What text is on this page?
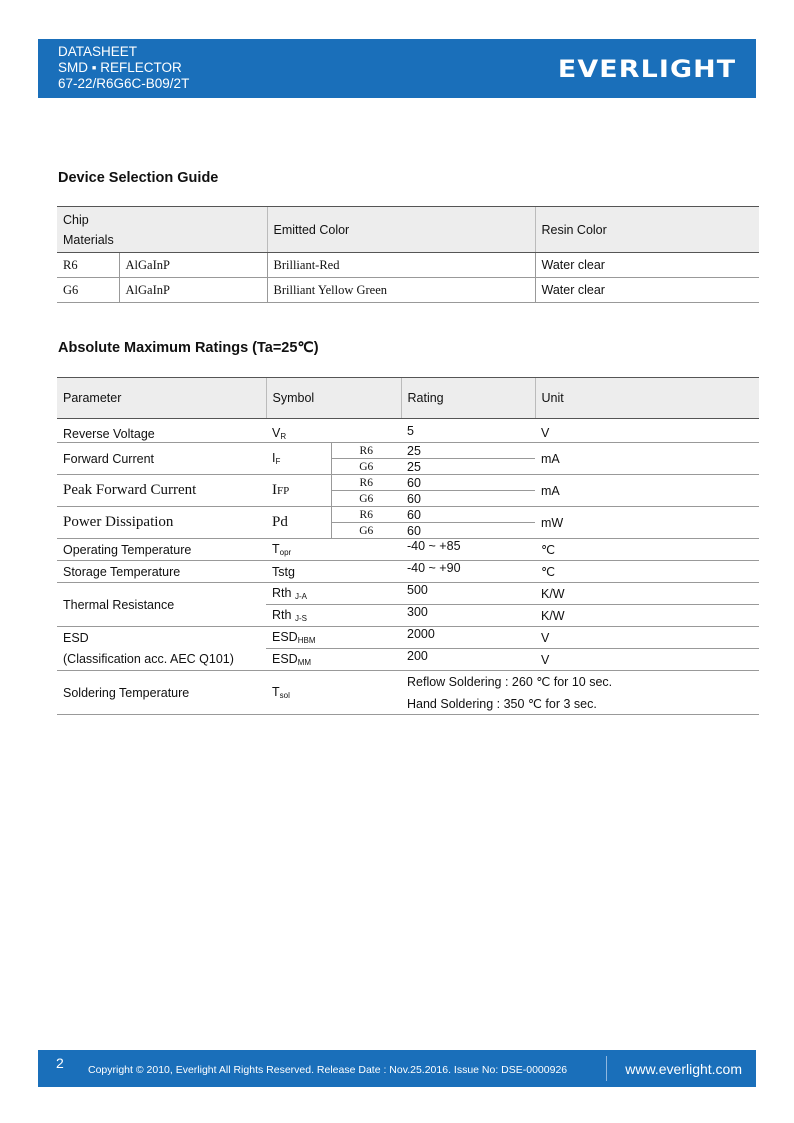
DATASHEET
SMD ▪ REFLECTOR
67-22/R6G6C-B09/2T
EVERLIGHT
Device Selection Guide
Chip
Materials		Emitted Color	Resin Color
R6	AlGaInP	Brilliant-Red	Water clear
G6	AlGaInP	Brilliant Yellow Green	Water clear
Absolute Maximum Ratings (Ta=25℃)
Parameter	Symbol		Rating	Unit
Reverse Voltage	$V_R$		5	V
Forward Current	$I_F$	R6	25	mA
		G6	25	
Peak Forward Current	IFP	R6	60	mA
		G6	60	
Power Dissipation	Pd	R6	60	mW
		G6	60	
Operating Temperature	$T_{opr}$		-40 ~ +85	℃
Storage Temperature	Tstg		-40 ~ +90	℃
Thermal Resistance	Rth $_{J-A}$		500	K/W
	Rth $_{J-S}$		300	K/W
ESD	$ESD_{HBM}$		2000	V
(Classification acc. AEC Q101)	$ESD_{MM}$		200	V
Soldering Temperature	$T_{sol}$		Reflow Soldering : 260 ℃ for 10 sec.	
			Hand Soldering : 350 ℃ for 3 sec.	
2 Copyright © 2010, Everlight All Rights Reserved. Release Date : Nov.25.2016. Issue No: DSE-0000926	www.everlight.com
